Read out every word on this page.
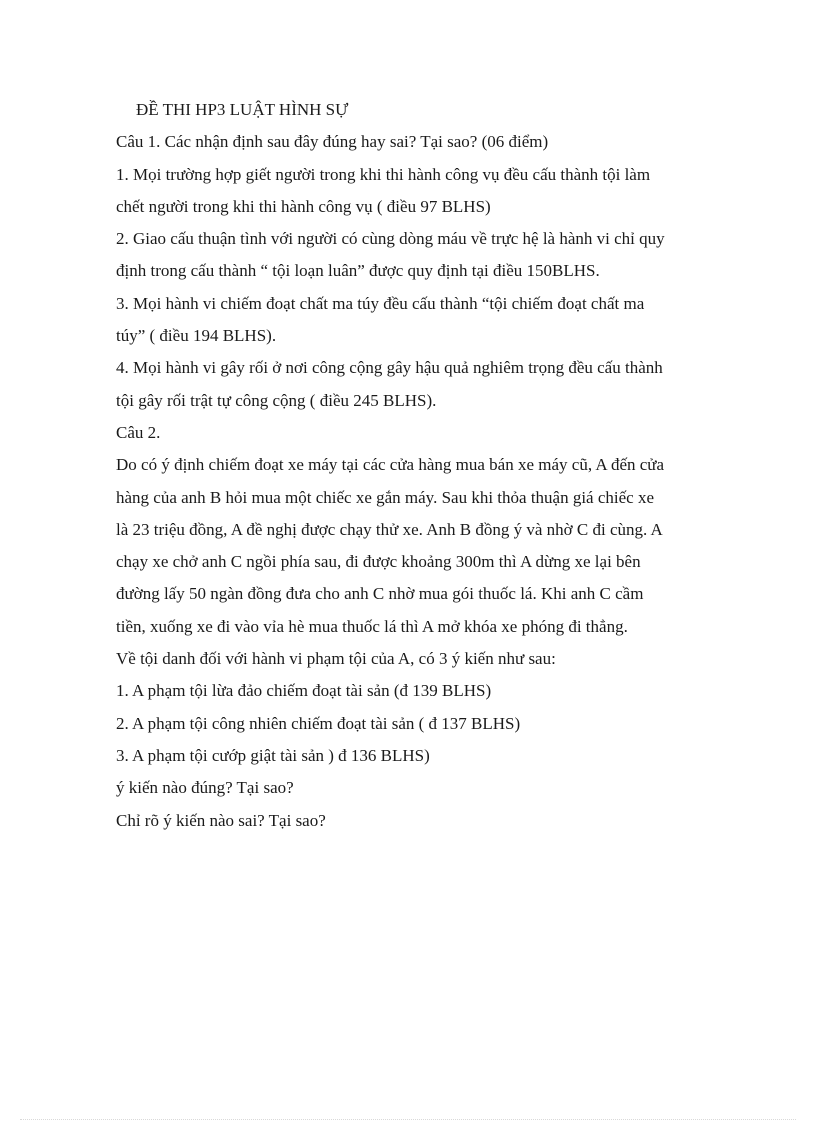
ĐỀ THI HP3 LUẬT HÌNH SỰ
Câu 1. Các nhận định sau đây đúng hay sai? Tại sao? (06 điểm)
1. Mọi trường hợp giết người trong khi thi hành công vụ đều cấu thành tội làm
chết người trong khi thi hành công vụ ( điều 97 BLHS)
2. Giao cấu thuận tình với người có cùng dòng máu về trực hệ là hành vi chỉ quy
định trong cấu thành “ tội loạn luân” được quy định tại điều 150BLHS.
3. Mọi hành vi chiếm đoạt chất ma túy đều cấu thành “tội chiếm đoạt chất ma
túy” ( điều 194 BLHS).
4. Mọi hành vi gây rối ở nơi công cộng gây hậu quả nghiêm trọng đều cấu thành
tội gây rối trật tự công cộng ( điều 245 BLHS).
Câu 2.
Do có ý định chiếm đoạt xe máy tại các cửa hàng mua bán xe máy cũ, A đến cửa
hàng của anh B hỏi mua một chiếc xe gắn máy. Sau khi thỏa thuận giá chiếc xe
là 23 triệu đồng, A đề nghị được chạy thử xe. Anh B đồng ý và nhờ C đi cùng. A
chạy xe chở anh C ngồi phía sau, đi được khoảng 300m thì A dừng xe lại bên
đường lấy 50 ngàn đồng đưa cho anh C nhờ mua gói thuốc lá. Khi anh C cầm
tiền, xuống xe đi vào vỉa hè mua thuốc lá thì A mở khóa xe phóng đi thẳng.
Về tội danh đối với hành vi phạm tội của A, có 3 ý kiến như sau:
1. A phạm tội lừa đảo chiếm đoạt tài sản (đ 139 BLHS)
2. A phạm tội công nhiên chiếm đoạt tài sản ( đ 137 BLHS)
3. A phạm tội cướp giật tài sản ) đ 136 BLHS)
ý kiến nào đúng? Tại sao?
Chỉ rõ ý kiến nào sai? Tại sao?
